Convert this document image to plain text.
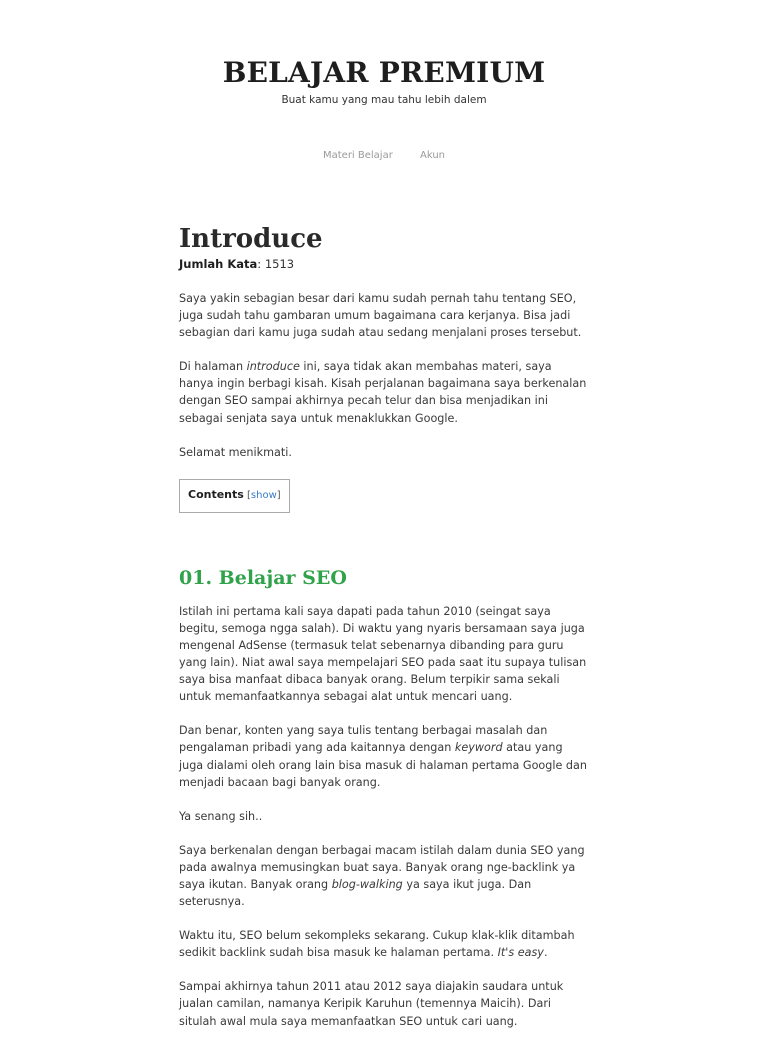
BELAJAR PREMIUM
Buat kamu yang mau tahu lebih dalem
Materi Belajar	Akun
Introduce
Jumlah Kata: 1513

Saya yakin sebagian besar dari kamu sudah pernah tahu tentang SEO, juga sudah tahu gambaran umum bagaimana cara kerjanya. Bisa jadi sebagian dari kamu juga sudah atau sedang menjalani proses tersebut.

Di halaman introduce ini, saya tidak akan membahas materi, saya hanya ingin berbagi kisah. Kisah perjalanan bagaimana saya berkenalan dengan SEO sampai akhirnya pecah telur dan bisa menjadikan ini sebagai senjata saya untuk menaklukkan Google.

Selamat menikmati.

Contents [show]
01. Belajar SEO

Istilah ini pertama kali saya dapati pada tahun 2010 (seingat saya begitu, semoga ngga salah). Di waktu yang nyaris bersamaan saya juga mengenal AdSense (termasuk telat sebenarnya dibanding para guru yang lain). Niat awal saya mempelajari SEO pada saat itu supaya tulisan saya bisa manfaat dibaca banyak orang. Belum terpikir sama sekali untuk memanfaatkannya sebagai alat untuk mencari uang.

Dan benar, konten yang saya tulis tentang berbagai masalah dan pengalaman pribadi yang ada kaitannya dengan keyword atau yang juga dialami oleh orang lain bisa masuk di halaman pertama Google dan menjadi bacaan bagi banyak orang.

Ya senang sih..

Saya berkenalan dengan berbagai macam istilah dalam dunia SEO yang pada awalnya memusingkan buat saya. Banyak orang nge-backlink ya saya ikutan. Banyak orang blog-walking ya saya ikut juga. Dan seterusnya.

Waktu itu, SEO belum sekompleks sekarang. Cukup klak-klik ditambah sedikit backlink sudah bisa masuk ke halaman pertama. It's easy.

Sampai akhirnya tahun 2011 atau 2012 saya diajakin saudara untuk jualan camilan, namanya Keripik Karuhun (temennya Maicih). Dari situlah awal mula saya memanfaatkan SEO untuk cari uang.
